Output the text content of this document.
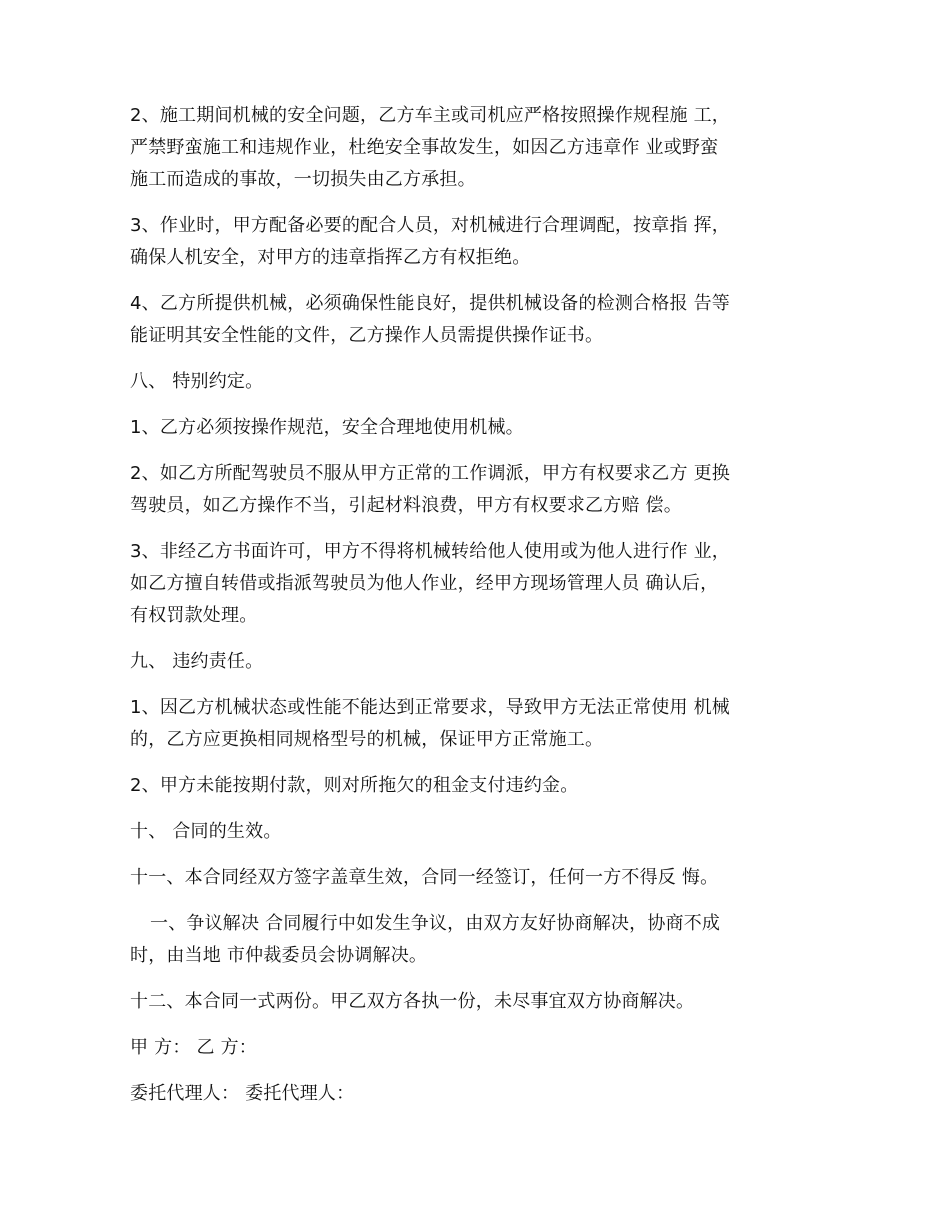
2、施工期间机械的安全问题，乙方车主或司机应严格按照操作规程施 工，
严禁野蛮施工和违规作业，杜绝安全事故发生，如因乙方违章作 业或野蛮
施工而造成的事故，一切损失由乙方承担。
3、作业时，甲方配备必要的配合人员，对机械进行合理调配，按章指 挥，
确保人机安全，对甲方的违章指挥乙方有权拒绝。
4、乙方所提供机械，必须确保性能良好，提供机械设备的检测合格报 告等
能证明其安全性能的文件，乙方操作人员需提供操作证书。
八、 特别约定。
1、乙方必须按操作规范，安全合理地使用机械。
2、如乙方所配驾驶员不服从甲方正常的工作调派，甲方有权要求乙方 更换
驾驶员，如乙方操作不当，引起材料浪费，甲方有权要求乙方赔 偿。
3、非经乙方书面许可，甲方不得将机械转给他人使用或为他人进行作 业，
如乙方擅自转借或指派驾驶员为他人作业，经甲方现场管理人员 确认后，
有权罚款处理。
九、 违约责任。
1、因乙方机械状态或性能不能达到正常要求，导致甲方无法正常使用 机械
的，乙方应更换相同规格型号的机械，保证甲方正常施工。
2、甲方未能按期付款，则对所拖欠的租金支付违约金。
十、 合同的生效。
十一、本合同经双方签字盖章生效，合同一经签订，任何一方不得反 悔。
一、争议解决 合同履行中如发生争议，由双方友好协商解决，协商不成
时，由当地 市仲裁委员会协调解决。
十二、本合同一式两份。甲乙双方各执一份，未尽事宜双方协商解决。
甲 方： 乙 方：
委托代理人： 委托代理人：
